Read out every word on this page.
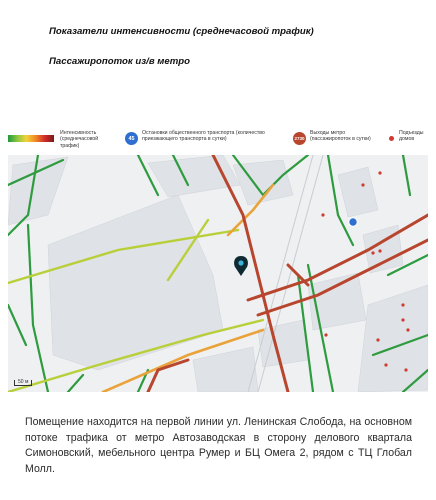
Показатели интенсивности (среднечасовой трафик)
Пассажиропоток из/в метро
Интенсивность (среднечасовой трафик)
45
Остановки общественного транспорта (количество приезжающего транспорта в сутки)	2730
Выходы метро (пассажиропоток в сутки)
Подъезды домов
50 м
Помещение находится на первой линии ул. Ленинская Слобода, на основном потоке трафика от метро Автозаводская в сторону делового квартала Симоновский, мебельного центра Румер и БЦ Омега 2, рядом с ТЦ Глобал Молл.
